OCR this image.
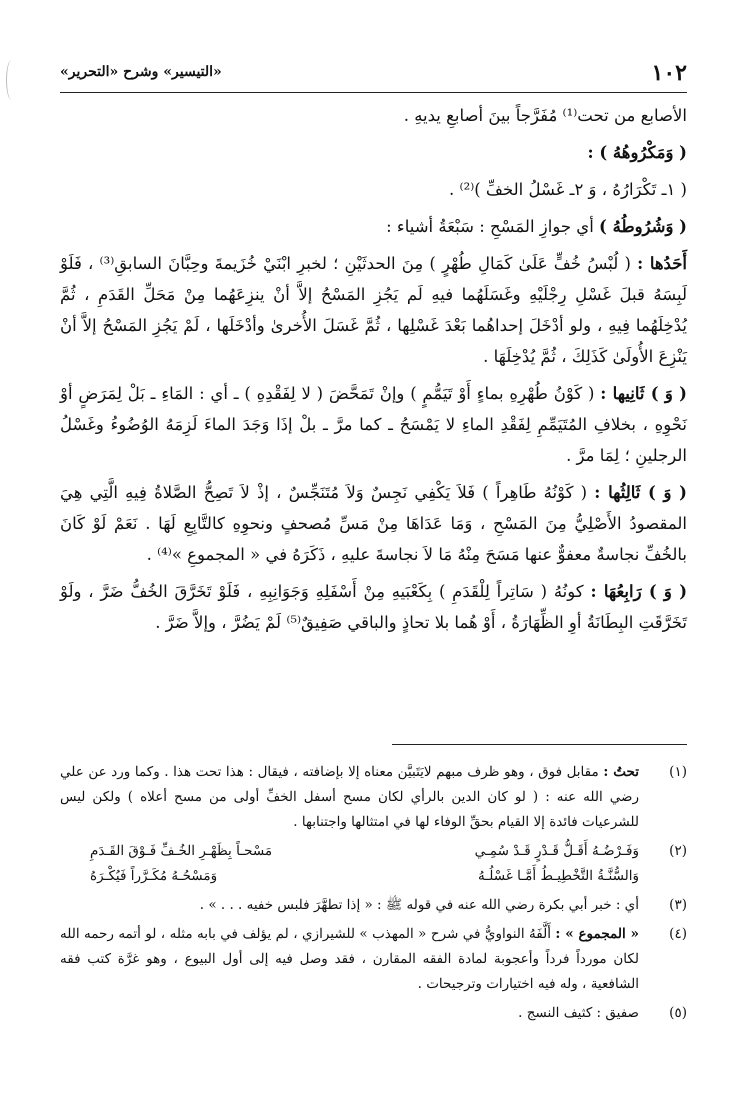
١٠٢
«التيسير» وشرح «التحرير»

الأصابع من تحت⁽¹⁾ مُفَرَّجاً بينَ أصابعِ يديهِ .

( وَمَكْرُوهُهُ ) :

( ١ـ تَكْرَارُهُ ، وَ ٢ـ غَسْلُ الخفِّ )⁽²⁾ .

( وَشُرُوطُهُ ) أي جوازِ المَسْحِ : سَبْعَةُ أشياء :

أَحَدُها : ( لُبْسُ خُفٍّ عَلَىٰ كَمَالِ طُهْرٍ ) مِنَ الحدثَيْنِ ؛ لخبرِ ابْنَيْ خُزَيمةَ وحِبَّانَ السابقِ⁽³⁾ ، فَلَوْ لَبِسَهُ قبلَ غَسْلِ رِجْلَيْهِ وغَسَلَهُما فيهِ لَم يَجُزِ المَسْحُ إلاَّ أنْ ينزِعَهُما مِنْ مَحَلِّ القَدَمِ ، ثُمَّ يُدْخِلَهُما فِيهِ ، ولو أدْخَلَ إحداهُما بَعْدَ غَسْلِها ، ثُمَّ غَسَلَ الأُخرىٰ وأدْخَلَها ، لَمْ يَجُزِ المَسْحُ إلاَّ أنْ يَنْزِعَ الأُولَىٰ كَذَلِكَ ، ثُمَّ يُدْخِلَهَا .

( وَ ) ثَانِيها : ( كَوْنُ طُهْرِهِ بماءٍ أَوْ تَيَمُّمٍ ) وإنْ تَمَحَّضَ ( لا لِفَقْدِهِ ) ـ أي : المَاءِ ـ بَلْ لِمَرَضٍ أوْ نَحْوِهِ ، بخلافِ المُتَيَمِّمِ لِفَقْدِ الماءِ لا يَمْسَحُ ـ كما مرَّ ـ بلْ إذَا وَجَدَ الماءَ لَزِمَهُ الوُضُوءُ وغَسْلُ الرجلينِ ؛ لِمَا مرَّ .

( وَ ) ثَالِثُها : ( كَوْنُهُ طَاهِراً ) فَلاَ يَكْفِي نَجِسٌ وَلاَ مُتَنَجِّسٌ ، إذْ لاَ تَصِحُّ الصَّلاةُ فِيهِ الَّتِي هِيَ المقصودُ الأَصْلِيُّ مِنَ المَسْحِ ، وَمَا عَدَاهَا مِنْ مَسِّ مُصحفٍ ونحوِهِ كالتَّابِعِ لَهَا . نَعَمْ لَوْ كَانَ بالخُفِّ نجاسةٌ معفوٌّ عنها مَسَحَ مِنْهُ مَا لاَ نجاسةَ عليهِ ، ذَكَرَهُ في « المجموعِ »⁽⁴⁾ .

( وَ ) رَابِعُهَا : كونُهُ ( سَاتِراً لِلْقَدَمِ ) بِكَعْبَيهِ مِنْ أَسْفَلِهِ وَجَوَانِبِهِ ، فَلَوْ تَخَرَّقَ الخُفُّ ضَرَّ ، ولَوْ تَخَرَّقَتِ البِطَانَةُ أوِ الظِّهَارَةُ ، أَوْ هُما بلا تحاذٍ والباقي صَفِيقٌ⁽⁵⁾ لَمْ يَضُرَّ ، وإلاَّ ضَرَّ .

(١)
تحتُ : مقابل فوق ، وهو ظرف مبهم لايَتَبيَّن معناه إلا بإضافته ، فيقال : هذا تحت هذا . وكما ورد عن علي رضي الله عنه : ( لو كان الدين بالرأي لكان مسح أسفل الخفِّ أولى من مسح أعلاه ) ولكن ليس للشرعيات فائدة إلا القيام بحقِّ الوفاء لها في امتثالها واجتنابها .
(٢)
وَفَـرْضُـهُ أَقَـلُّ قَـدْرٍ قَـدْ سُمِـي
مَسْحـاً بِظَهْـرِ الخُـفِّ فَـوْقَ القَـدَمِ
وَالسُّنَّـةُ التَّخْطِيـطُ أَمَّـا غَسْلُـهُ
وَمَسْحُـهُ مُكَـرَّراً فَيُكْـرَهُ
(٣)
أي : خبر أبي بكرة رضي الله عنه في قوله ﷺ : « إذا تطهَّرَ فلبس خفيه . . . » .
(٤)
« المجموع » : أَلَّفَهُ النواويُّ في شرح « المهذب » للشيرازي ، لم يؤلف في بابه مثله ، لو أتمه رحمه الله لكان مورداً فرداً وأعجوبة لمادة الفقه المقارن ، فقد وصل فيه إلى أول البيوع ، وهو غرَّة كتب فقه الشافعية ، وله فيه اختيارات وترجيحات .
(٥)
صفيق : كثيف النسج .
